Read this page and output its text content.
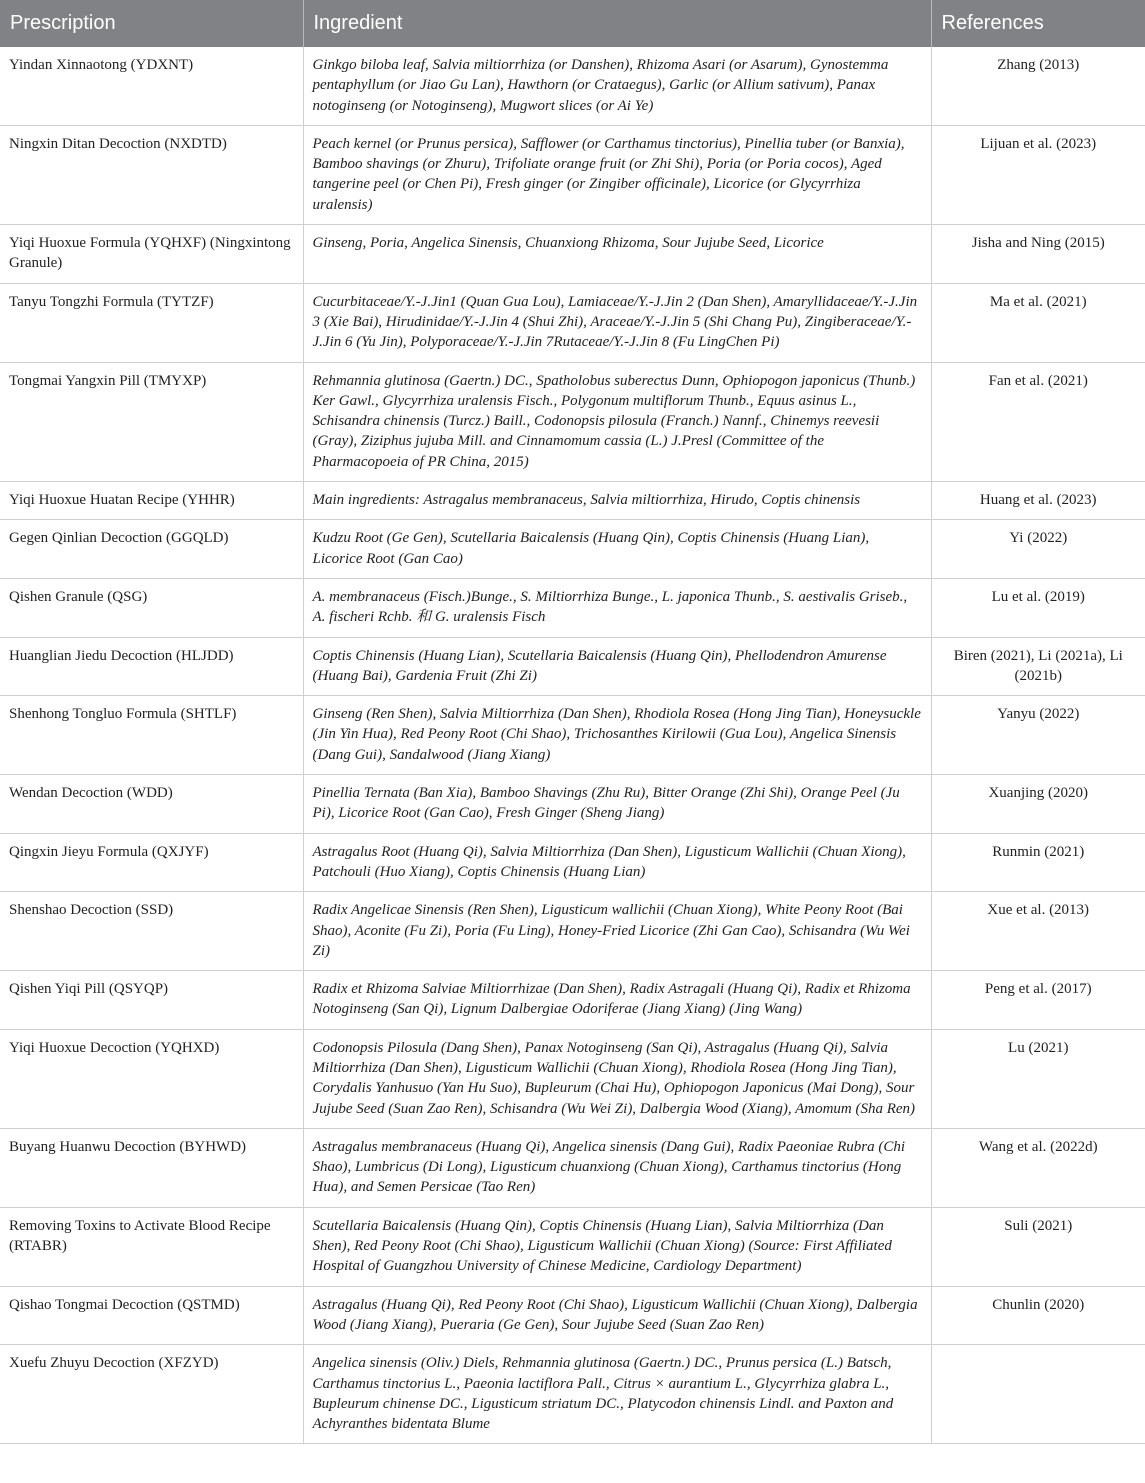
Prescription	Ingredient	References
Yindan Xinnaotong (YDXNT)	Ginkgo biloba leaf, Salvia miltiorrhiza (or Danshen), Rhizoma Asari (or Asarum), Gynostemma pentaphyllum (or Jiao Gu Lan), Hawthorn (or Crataegus), Garlic (or Allium sativum), Panax notoginseng (or Notoginseng), Mugwort slices (or Ai Ye)	Zhang (2013)
Ningxin Ditan Decoction (NXDTD)	Peach kernel (or Prunus persica), Safflower (or Carthamus tinctorius), Pinellia tuber (or Banxia), Bamboo shavings (or Zhuru), Trifoliate orange fruit (or Zhi Shi), Poria (or Poria cocos), Aged tangerine peel (or Chen Pi), Fresh ginger (or Zingiber officinale), Licorice (or Glycyrrhiza uralensis)	Lijuan et al. (2023)
Yiqi Huoxue Formula (YQHXF) (Ningxintong Granule)	Ginseng, Poria, Angelica Sinensis, Chuanxiong Rhizoma, Sour Jujube Seed, Licorice	Jisha and Ning (2015)
Tanyu Tongzhi Formula (TYTZF)	Cucurbitaceae/Y.-J.Jin1 (Quan Gua Lou), Lamiaceae/Y.-J.Jin 2 (Dan Shen), Amaryllidaceae/Y.-J.Jin 3 (Xie Bai), Hirudinidae/Y.-J.Jin 4 (Shui Zhi), Araceae/Y.-J.Jin 5 (Shi Chang Pu), Zingiberaceae/Y.-J.Jin 6 (Yu Jin), Polyporaceae/Y.-J.Jin 7Rutaceae/Y.-J.Jin 8 (Fu LingChen Pi)	Ma et al. (2021)
Tongmai Yangxin Pill (TMYXP)	Rehmannia glutinosa (Gaertn.) DC., Spatholobus suberectus Dunn, Ophiopogon japonicus (Thunb.) Ker Gawl., Glycyrrhiza uralensis Fisch., Polygonum multiflorum Thunb., Equus asinus L., Schisandra chinensis (Turcz.) Baill., Codonopsis pilosula (Franch.) Nannf., Chinemys reevesii (Gray), Ziziphus jujuba Mill. and Cinnamomum cassia (L.) J.Presl (Committee of the Pharmacopoeia of PR China, 2015)	Fan et al. (2021)
Yiqi Huoxue Huatan Recipe (YHHR)	Main ingredients: Astragalus membranaceus, Salvia miltiorrhiza, Hirudo, Coptis chinensis	Huang et al. (2023)
Gegen Qinlian Decoction (GGQLD)	Kudzu Root (Ge Gen), Scutellaria Baicalensis (Huang Qin), Coptis Chinensis (Huang Lian), Licorice Root (Gan Cao)	Yi (2022)
Qishen Granule (QSG)	A. membranaceus (Fisch.)Bunge., S. Miltiorrhiza Bunge., L. japonica Thunb., S. aestivalis Griseb., A. fischeri Rchb. 和 G. uralensis Fisch	Lu et al. (2019)
Huanglian Jiedu Decoction (HLJDD)	Coptis Chinensis (Huang Lian), Scutellaria Baicalensis (Huang Qin), Phellodendron Amurense (Huang Bai), Gardenia Fruit (Zhi Zi)	Biren (2021), Li (2021a), Li (2021b)
Shenhong Tongluo Formula (SHTLF)	Ginseng (Ren Shen), Salvia Miltiorrhiza (Dan Shen), Rhodiola Rosea (Hong Jing Tian), Honeysuckle (Jin Yin Hua), Red Peony Root (Chi Shao), Trichosanthes Kirilowii (Gua Lou), Angelica Sinensis (Dang Gui), Sandalwood (Jiang Xiang)	Yanyu (2022)
Wendan Decoction (WDD)	Pinellia Ternata (Ban Xia), Bamboo Shavings (Zhu Ru), Bitter Orange (Zhi Shi), Orange Peel (Ju Pi), Licorice Root (Gan Cao), Fresh Ginger (Sheng Jiang)	Xuanjing (2020)
Qingxin Jieyu Formula (QXJYF)	Astragalus Root (Huang Qi), Salvia Miltiorrhiza (Dan Shen), Ligusticum Wallichii (Chuan Xiong), Patchouli (Huo Xiang), Coptis Chinensis (Huang Lian)	Runmin (2021)
Shenshao Decoction (SSD)	Radix Angelicae Sinensis (Ren Shen), Ligusticum wallichii (Chuan Xiong), White Peony Root (Bai Shao), Aconite (Fu Zi), Poria (Fu Ling), Honey-Fried Licorice (Zhi Gan Cao), Schisandra (Wu Wei Zi)	Xue et al. (2013)
Qishen Yiqi Pill (QSYQP)	Radix et Rhizoma Salviae Miltiorrhizae (Dan Shen), Radix Astragali (Huang Qi), Radix et Rhizoma Notoginseng (San Qi), Lignum Dalbergiae Odoriferae (Jiang Xiang) (Jing Wang)	Peng et al. (2017)
Yiqi Huoxue Decoction (YQHXD)	Codonopsis Pilosula (Dang Shen), Panax Notoginseng (San Qi), Astragalus (Huang Qi), Salvia Miltiorrhiza (Dan Shen), Ligusticum Wallichii (Chuan Xiong), Rhodiola Rosea (Hong Jing Tian), Corydalis Yanhusuo (Yan Hu Suo), Bupleurum (Chai Hu), Ophiopogon Japonicus (Mai Dong), Sour Jujube Seed (Suan Zao Ren), Schisandra (Wu Wei Zi), Dalbergia Wood (Xiang), Amomum (Sha Ren)	Lu (2021)
Buyang Huanwu Decoction (BYHWD)	Astragalus membranaceus (Huang Qi), Angelica sinensis (Dang Gui), Radix Paeoniae Rubra (Chi Shao), Lumbricus (Di Long), Ligusticum chuanxiong (Chuan Xiong), Carthamus tinctorius (Hong Hua), and Semen Persicae (Tao Ren)	Wang et al. (2022d)
Removing Toxins to Activate Blood Recipe (RTABR)	Scutellaria Baicalensis (Huang Qin), Coptis Chinensis (Huang Lian), Salvia Miltiorrhiza (Dan Shen), Red Peony Root (Chi Shao), Ligusticum Wallichii (Chuan Xiong) (Source: First Affiliated Hospital of Guangzhou University of Chinese Medicine, Cardiology Department)	Suli (2021)
Qishao Tongmai Decoction (QSTMD)	Astragalus (Huang Qi), Red Peony Root (Chi Shao), Ligusticum Wallichii (Chuan Xiong), Dalbergia Wood (Jiang Xiang), Pueraria (Ge Gen), Sour Jujube Seed (Suan Zao Ren)	Chunlin (2020)
Xuefu Zhuyu Decoction (XFZYD)	Angelica sinensis (Oliv.) Diels, Rehmannia glutinosa (Gaertn.) DC., Prunus persica (L.) Batsch, Carthamus tinctorius L., Paeonia lactiflora Pall., Citrus × aurantium L., Glycyrrhiza glabra L., Bupleurum chinense DC., Ligusticum striatum DC., Platycodon chinensis Lindl. and Paxton and Achyranthes bidentata Blume	
